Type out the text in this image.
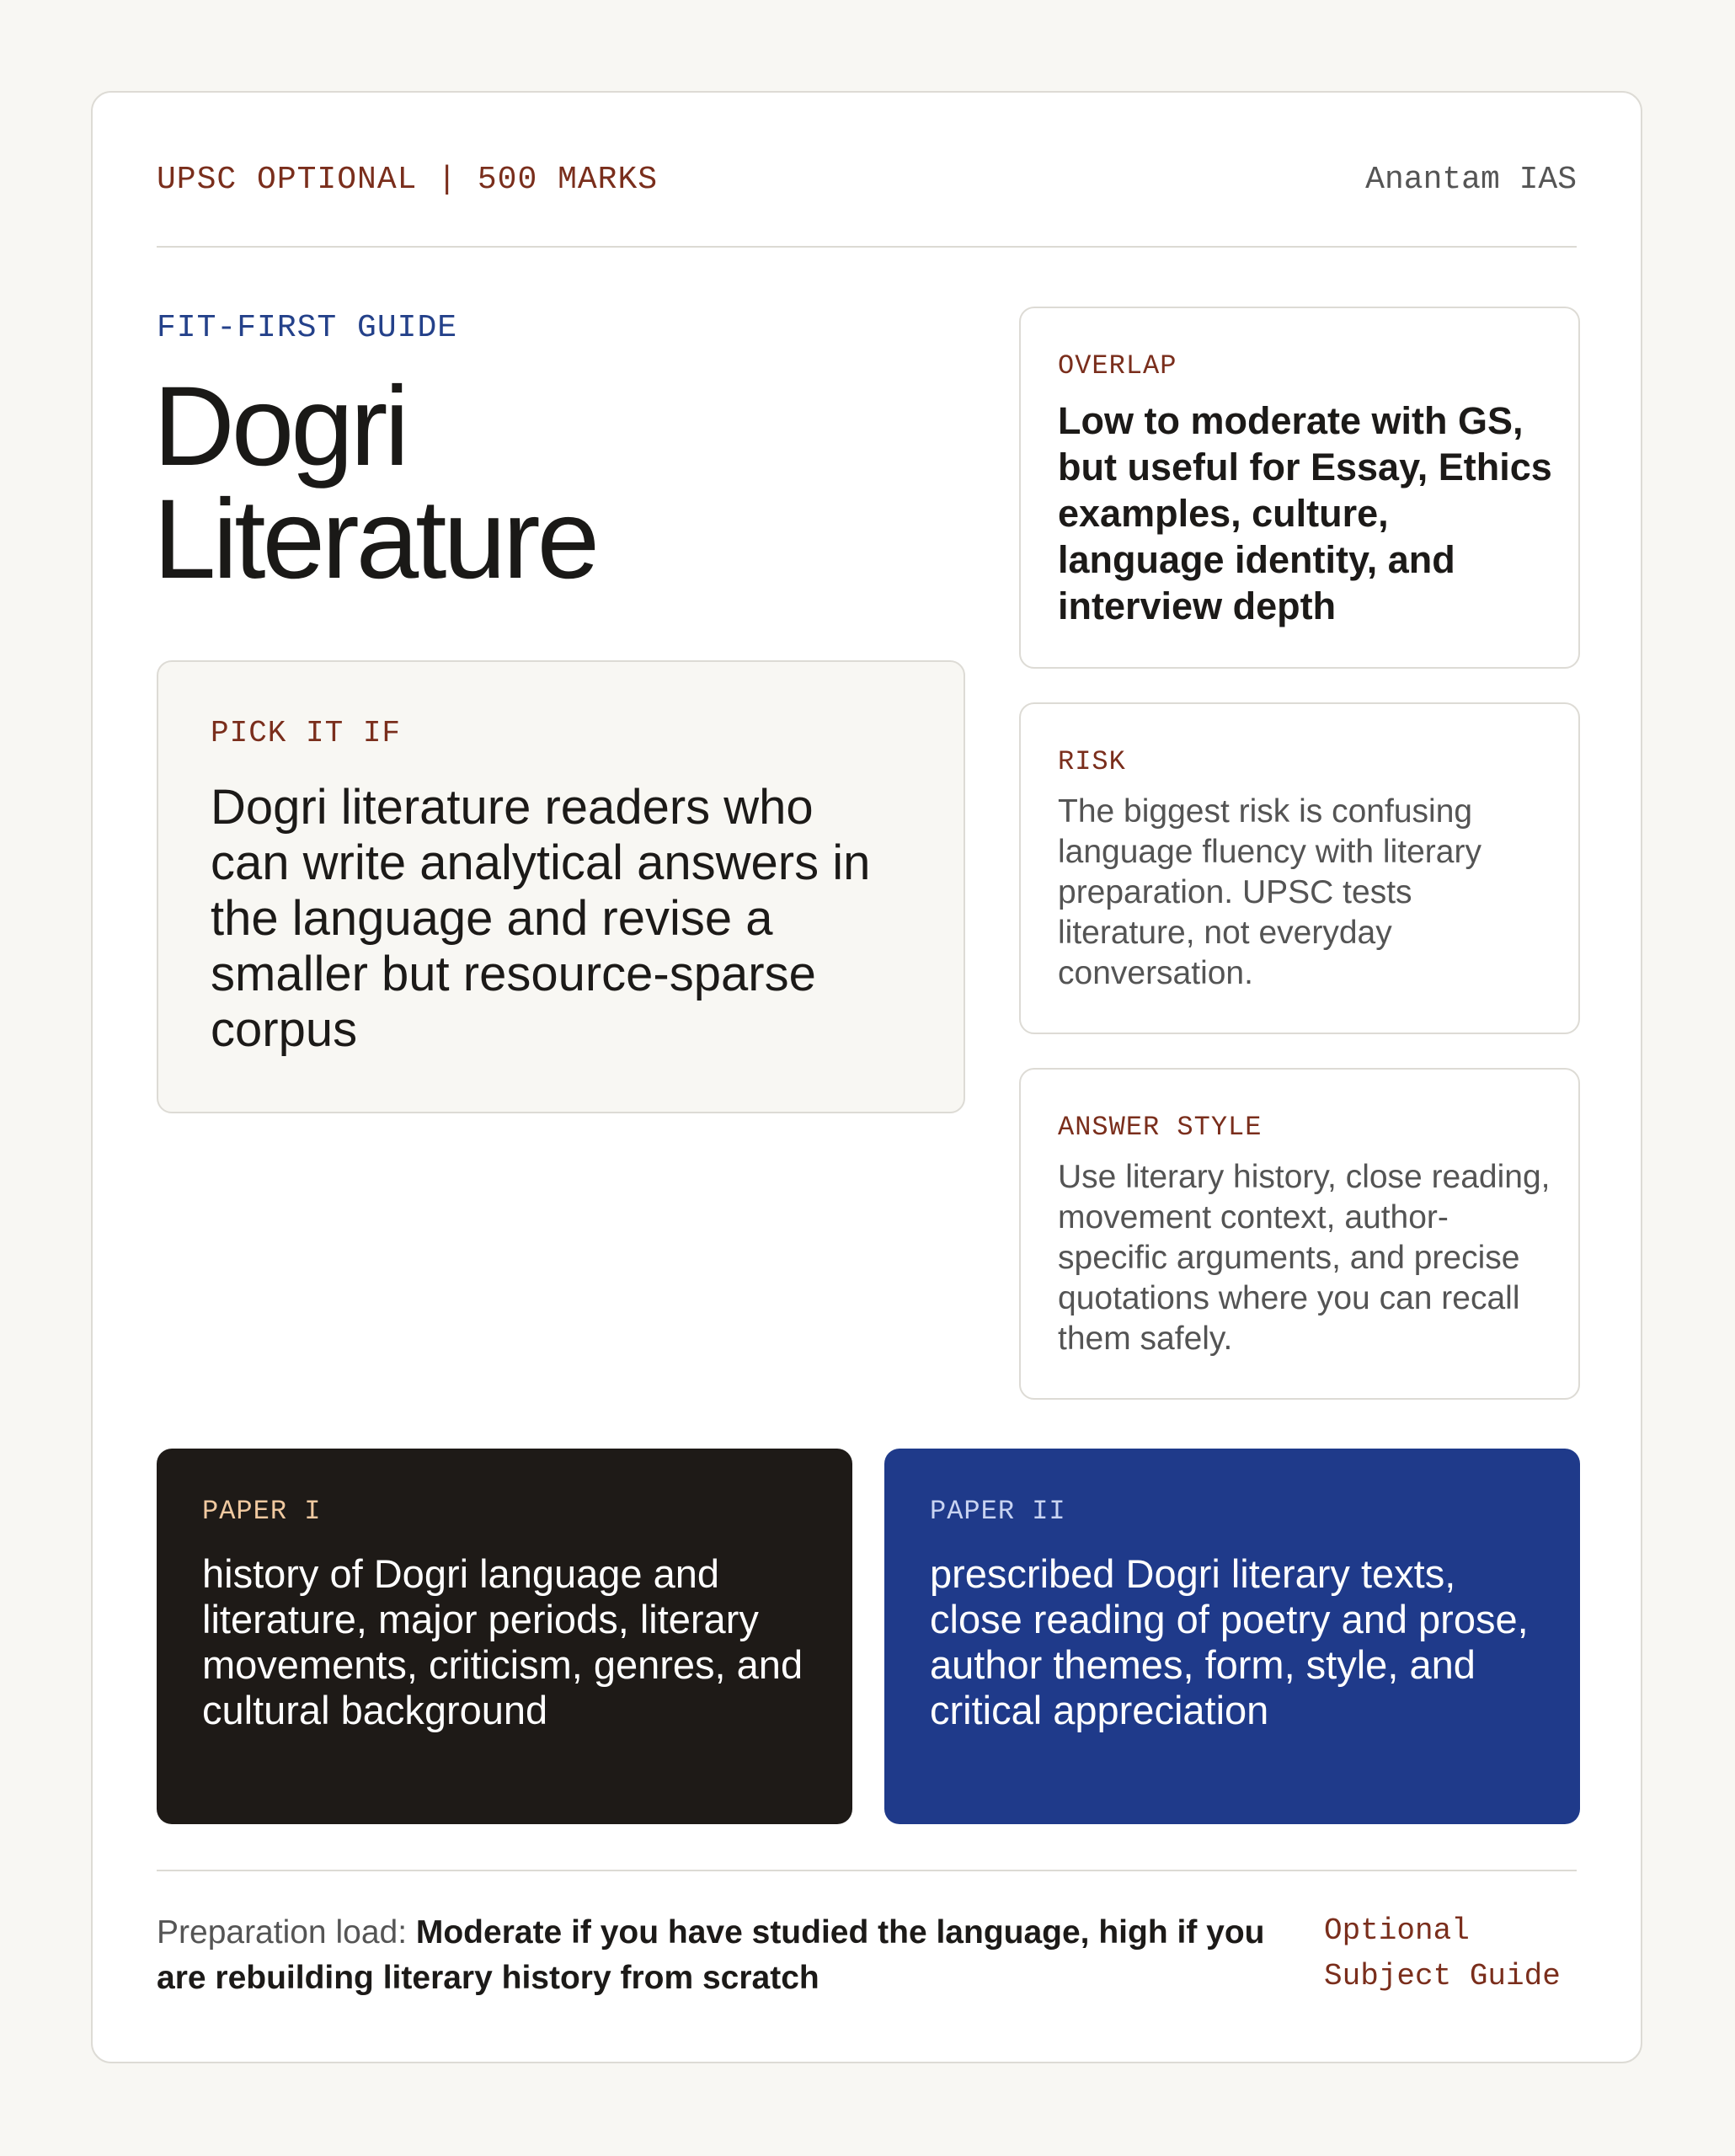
UPSC OPTIONAL | 500 MARKS	Anantam IAS
FIT-FIRST GUIDE
Dogri
Literature
PICK IT IF
Dogri literature readers who can write analytical answers in the language and revise a smaller but resource-sparse corpus
OVERLAP
Low to moderate with GS, but useful for Essay, Ethics examples, culture, language identity, and interview depth
RISK
The biggest risk is confusing language fluency with literary preparation. UPSC tests literature, not everyday conversation.
ANSWER STYLE
Use literary history, close reading, movement context, author-specific arguments, and precise quotations where you can recall them safely.
PAPER I
history of Dogri language and literature, major periods, literary movements, criticism, genres, and cultural background
PAPER II
prescribed Dogri literary texts, close reading of poetry and prose, author themes, form, style, and critical appreciation
Preparation load: Moderate if you have studied the language, high if you are rebuilding literary history from scratch
Optional
Subject Guide
